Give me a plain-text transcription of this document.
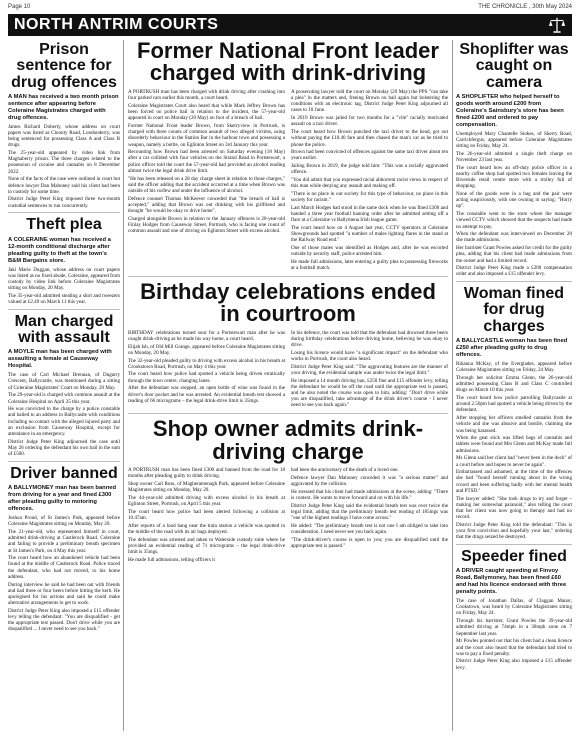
Page 10	THE CHRONICLE , 30th May 2024
NORTH ANTRIM COURTS
Prison sentence for drug offences
A MAN has received a two month prison sentence after appearing before Coleraine Magistrates charged with drug offences.

James Richard Doherty, whose address on court papers was listed as Cloonty Road, Londonderry, was being sentenced for possessing Class A and Class B drugs.

The 25-year-old appeared by video link from Maghaberry prison. The three charges related to the possession of cocaine and cannabis on 8 December 2022.

None of the facts of the case were outlined in court but defence lawyer Dan Mahoney said his client had been in custody for some time.

District Judge Peter King imposed three two-month custodial sentences to run concurrently.

Theft plea
A COLERAINE woman has received a 12-month conditional discharge after pleading guilty to theft at the town's B&M Bargains store.

Jaki Marie Duggan, whose address on court papers was listed as no fixed abode, Coleraine, appeared from custody by video link before Coleraine Magistrates sitting on Monday, 20 May.

The 35-year-old admitted stealing a shirt and tweezers valued at £2.49 on March 11 this year.

Man charged with assault
A MOYLE man has been charged with assaulting a female at Causeway Hospital.

The case of Carl Michael Brennan, of Dugarry Crescent, Ballycastle, was mentioned during a sitting of Coleraine Magistrates' Court on Monday, 20 May.

The 29-year-old is charged with common assault at the Coleraine Hospital on April 25 this year.

He was convicted to the charge by a police constable and bailed to an address in Ballycastle with conditions including no contact with the alleged injured party and an exclusion from Causeway Hospital, except for attendance in an emergency.

District Judge Peter King adjourned the case until May 28 ordering the defendant his own bail in the sum of £500.

Driver banned
A BALLYMONEY man has been banned from driving for a year and fined £300 after pleading guilty to motoring offences.

Joshua Proud, of St James's Park, appeared before Coleraine Magistrates sitting on Monday, May 20.

The 21-year-old, who represented himself in court, admitted drink-driving at Castlerock Road, Coleraine and failing to provide a preliminary breath specimen at St James's Park, on 4 May this year.

The court heard how an abandoned vehicle had been found at the middle of Castlerock Road. Police traced the defendant, who had not moved, to his home address.

During interview he said he had been out with friends and had three or four beers before hitting the kerb. He apologised for his actions and said he could make alternative arrangements to get to work.

District Judge Peter King also imposed a £15 offender levy telling the defendant: "You are disqualified - get the appropriate test passed. Don't drive while you are disqualified ... I never need to see you back."

Former National Front leader charged with drink-driving

A PORTRUSH man has been charged with drink driving after crashing into four parked cars earlier this month, a court heard.

Coleraine Magistrates Court also heard that while Mark Jeffrey Brown has been forced on police bail in relation to the incident, the 57-year-old appeared in court on Monday (20 May) on foot of a breach of bail.

Former National Front leader Brown, from Skerryview in Portrush, is charged with three counts of common assault of two alleged victims, using disorderly behaviour in the Station Bar in the harbour town and possessing a weapon, namely a bottle, on Eglinton Street on 3rd January this year.

Recounting how Brown had been arrested on Saturday evening (18 May) after a car collided with four vehicles on the Strand Road in Portstewart, a police officer told the court the 57-year-old had provided an alcohol reading almost twice the legal drink drive limit.

"He has been released on a 28 day charge sheet in relation to those charges," said the officer adding that the accident occurred at a time when Brown was outside of his curfew and under the influence of alcohol.

Defence counsel Thomas McKeever conceded that "the breach of bail is accepted," adding that Brown was out drinking with his girlfriend and thought "he would be okay to drive home".

Charged alongside Brown in relation to the January offences is 20-year-old Finlay Hodges from Causeway Street, Portrush, who is facing one count of common assault and one of driving on Eglinton Street with excess alcohol.

A prosecuting lawyer told the court on Monday (20 May) the PPS "can take a plea" in the matters and, freeing Brown on bail again but bolstering the conditions with an electronic tag, District Judge Peter King adjourned all cases to 10 June.

In 2019 Brown was jailed for two months for a "vile" racially motivated assault on a taxi driver.

The court heard how Brown punched the taxi driver to the head, got out without paying the £18.40 fare and then chased the man's car as he tried to phone the police.

Brown had been convicted of offences against the same taxi driver about ten years earlier.

Jailing Brown in 2019, the judge told him: "This was a racially aggravated offence.

"You did admit that you expressed racial abhorrent racist views in respect of this man while denying any assault and making off.

"There is no place in our society for this type of behaviour, no place in this society for racism."

Last March Hodges had stood in the same dock when he was fined £300 and handed a three year football banning order after he admitted setting off a flare at a Coleraine vs Ballymena Irish league game.

The court heard how on 4 August last year, CCTV operators at Coleraine Showgrounds had spotted "a number of males lighting flares in the stand at the Railway Road end."

One of those males was identified as Hodges and, after he was escorted outside by security staff, police arrested him.

He made full admissions, later entering a guilty plea to possessing fireworks at a football match.

Birthday celebrations ended in courtroom

BIRTHDAY celebrations turned sour for a Portstewart man after he was caught drink-driving as he made his way home, a court heard.

Elijah Ish, of Old Mill Grange, appeared before Coleraine Magistrates sitting on Monday, 20 May.

The 32-year-old pleaded guilty to driving with excess alcohol in his breath at Crookstown Road, Portrush, on May 4 this year.

The court heard how police had spotted a vehicle being driven erratically through the town centre, changing lanes.

After the defendant was stopped, an open bottle of wine was found in the driver's door pocket and he was arrested. An evidential breath test showed a reading of 66 micrograms – the legal drink-drive limit is 35mgs.

In his defence, the court was told that the defendant had drowned three beers during birthday celebrations before driving home, believing he was okay to drive.

Losing his licence would have "a significant impact" on the defendant who works in Portrush, the court also heard.

District Judge Peter King said: "The aggravating features are the manner of your driving, the evidential sample was under twice the legal limit."

He imposed a 14 month driving ban, £250 fine and £15 offender levy, telling the defendant he would be off the road until the appropriate test is passed, and he also noted the course was open to him, adding: "Don't drive while you are disqualified, take advantage of the drink driver's course - I never need to see you back again."

Shop owner admits drink-driving charge

A PORTRUSH man has been fined £300 and banned from the road for 18 months after pleading guilty to drink driving.

Shop owner Carl Ross, of Magheramenagh Park, appeared before Coleraine Magistrates sitting on Monday, May 20.

The 44-year-old admitted driving with excess alcohol in his breath at Eglinton Street, Portrush, on April 5 this year.

The court heard how police had been alerted following a collision at 10.47am.

After reports of a loud bang near the train station a vehicle was spotted in the middle of the road with its air bags deployed.

The defendant was arrested and taken to Waterside custody suite where he provided an evidential reading of 71 micrograms – the legal drink-drive limit is 35mgs.

He made full admissions, telling officers it

had been the anniversary of the death of a loved one.

Defence lawyer Dan Mahoney conceded it was "a serious matter" and aggravated by the collision.

He stressed that his client had made admissions at the scene, adding: "There is context. He wants to move forward and on with his life."

District Judge Peter King said the evidential breath test was over twice the legal limit, adding that the preliminary breath test reading of 185mgs was "one of the highest readings I have come across."

He added: "The preliminary breath test is not one I am obliged to take into consideration. I need never see you back again.

"The drink-driver's course is open to you; you are disqualified until the appropriate test is passed."

Shoplifter was caught on camera
A SHOPLIFTER who helped herself to goods worth around £200 from Coleraine's Sainsbury's store has been fined £200 and ordered to pay compensation.

Unemployed Mary Chantelle Stokes, of Skerry Road, Carrickfergus, appeared before Coleraine Magistrates sitting on Friday, May 24.

The 26-year-old admitted a single theft charge on November 23 last year.

The court heard how an off-duty police officer in a nearby coffee shop had spotted two females leaving the Riverside retail centre store with a trolley full of shopping.

None of the goods were in a bag and the pair were acting suspiciously, with one owning in saying: "Hurry up".

The constable went to the store where the manager viewed CCTV which showed that the suspects had made no attempt to pay.

When the defendant was interviewed on December 20 she made admissions.

Her barrister Grant Powles asked for credit for the guilty plea, adding that his client had made admissions from the outset and had a limited record.

District Judge Peter King made a £200 compensation order and also imposed a £15 offender levy.

Woman fined for drug charges
A BALLYCASTLE woman has been fined £250 after pleading guilty to drug offences.

Rihanna McKay, of the Everglades, appeared before Coleraine Magistrates sitting on Friday, 24 May.

Through her solicitor Emma Glenn, the 26-year-old admitted possessing Class B and Class C controlled drugs on March 10 this year.

The court heard how police patrolling Ballycastle at around 2.50pm had spotted a vehicle being driven by the defendant.

After stopping her officers smelled cannabis from the vehicle and she was abusive and hostile, claiming she was being harassed.

When the gear stick was lifted bags of cannabis and tablets were found and Mrs Glenn and McKay made full admissions.

Ms Glenn said her client had "never been in the dock" of a court before and hopes to never be again".

Embarrassed and ashamed, at the time of the offences she had "found herself running about in the wrong crowd and been suffering badly with her mental health and PTSD."

The lawyer added: "She took drugs to try and forget – making her somewhat paranoid," also telling the court that her client was now going to therapy and had no record.

District Judge Peter King told the defendant: "This is your first conviction and hopefully your last," ordering that the drugs seized be destroyed.

Speeder fined
A DRIVER caught speeding at Finvoy Road, Ballymoney, has been fined £60 and had his licence endorsed with three penalty points.

The case of Jonathan Dallas, of Claggan Manor, Cookstown, was heard by Coleraine Magistrates sitting on Friday, May 24.

Through his barrister, Grant Powles the 39-year-old admitted driving at 74mph in a 30mph zone on 7 September last year.

Mr Powles pointed out that his client had a clean licence and the court also heard that the defendant had tried to was to pay a fixed penalty.

District Judge Peter King also imposed a £15 offender levy.
